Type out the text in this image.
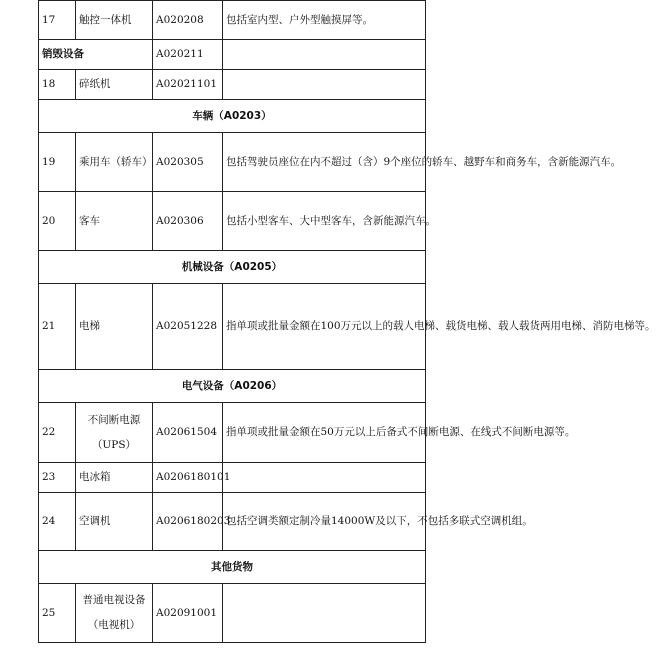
17	触控一体机	A020208	包括室内型、户外型触摸屏等。
销毁设备		A020211	
18	碎纸机	A02021101	
车辆（A0203）			
19	乘用车（轿车）	A020305	包括驾驶员座位在内不超过（含）9个座位的轿车、越野车和商务车，含新能源汽车。
20	客车	A020306	包括小型客车、大中型客车，含新能源汽车。
机械设备（A0205）			
21	电梯	A02051228	指单项或批量金额在100万元以上的载人电梯、载货电梯、载人载货两用电梯、消防电梯等。
电气设备（A0206）			
22	不间断电源（UPS）	A02061504	指单项或批量金额在50万元以上后备式不间断电源、在线式不间断电源等。
23	电冰箱	A0206180101	
24	空调机	A0206180203	包括空调类额定制冷量14000W及以下，不包括多联式空调机组。
其他货物			
25	普通电视设备（电视机）	A02091001	
